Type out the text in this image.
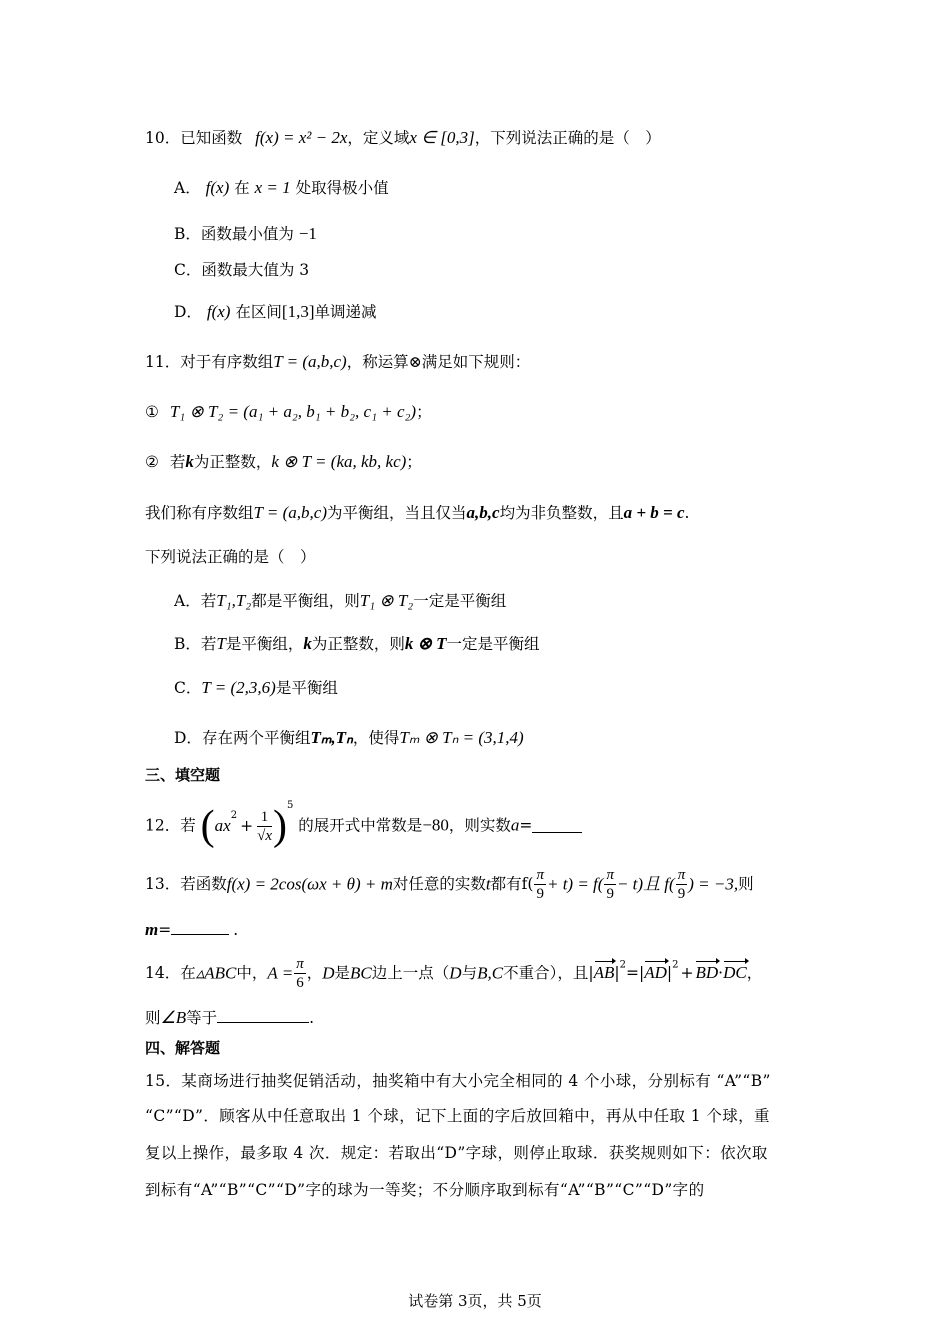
10．已知函数 f(x) = x² − 2x，定义域x ∈ [0,3]，下列说法正确的是（　）
A． f(x) 在 x = 1 处取得极小值
B．函数最小值为 −1
C．函数最大值为 3
D． f(x) 在区间[1,3]单调递减
11．对于有序数组T = (a,b,c)，称运算⊗满足如下规则：
① T₁ ⊗ T₂ = (a₁ + a₂, b₁ + b₂, c₁ + c₂)；
② 若k为正整数，k ⊗ T = (ka, kb, kc)；
我们称有序数组T = (a,b,c)为平衡组，当且仅当a,b,c均为非负整数，且a + b = c.
下列说法正确的是（　）
A．若T₁,T₂都是平衡组，则T₁ ⊗ T₂一定是平衡组
B．若T是平衡组，k为正整数，则k ⊗ T一定是平衡组
C．T = (2,3,6)是平衡组
D．存在两个平衡组Tₘ,Tₙ，使得Tₘ ⊗ Tₙ = (3,1,4)
三、填空题
12．若 $(ax^2+ \frac{1}{√x} )^5$ 的展开式中常数是−80，则实数a=
13．若函数f(x) = 2cos(ωx + θ) + m对任意的实数t都有$f( \frac{\pi}{9} + t) = f( \frac{\pi}{9} - t)$且 $f( \frac{\pi}{9}$ ) = −3,则
m=	.
14．在▵ABC中，$A = \frac{\pi}{6}$ ，D是BC边上一点（D与B,C不重合），且$|AB|^2=|AD|^2 + BD\cdot DC$，
则∠B等于	.
四、解答题
15．某商场进行抽奖促销活动，抽奖箱中有大小完全相同的 4 个小球，分别标有 “A”“B”
“C”“D”．顾客从中任意取出 1 个球，记下上面的字后放回箱中，再从中任取 1 个球，重
复以上操作，最多取 4 次．规定：若取出“D”字球，则停止取球．获奖规则如下：依次取
到标有“A”“B”“C”“D”字的球为一等奖；不分顺序取到标有“A”“B”“C”“D”字的
试卷第 3页，共 5页
